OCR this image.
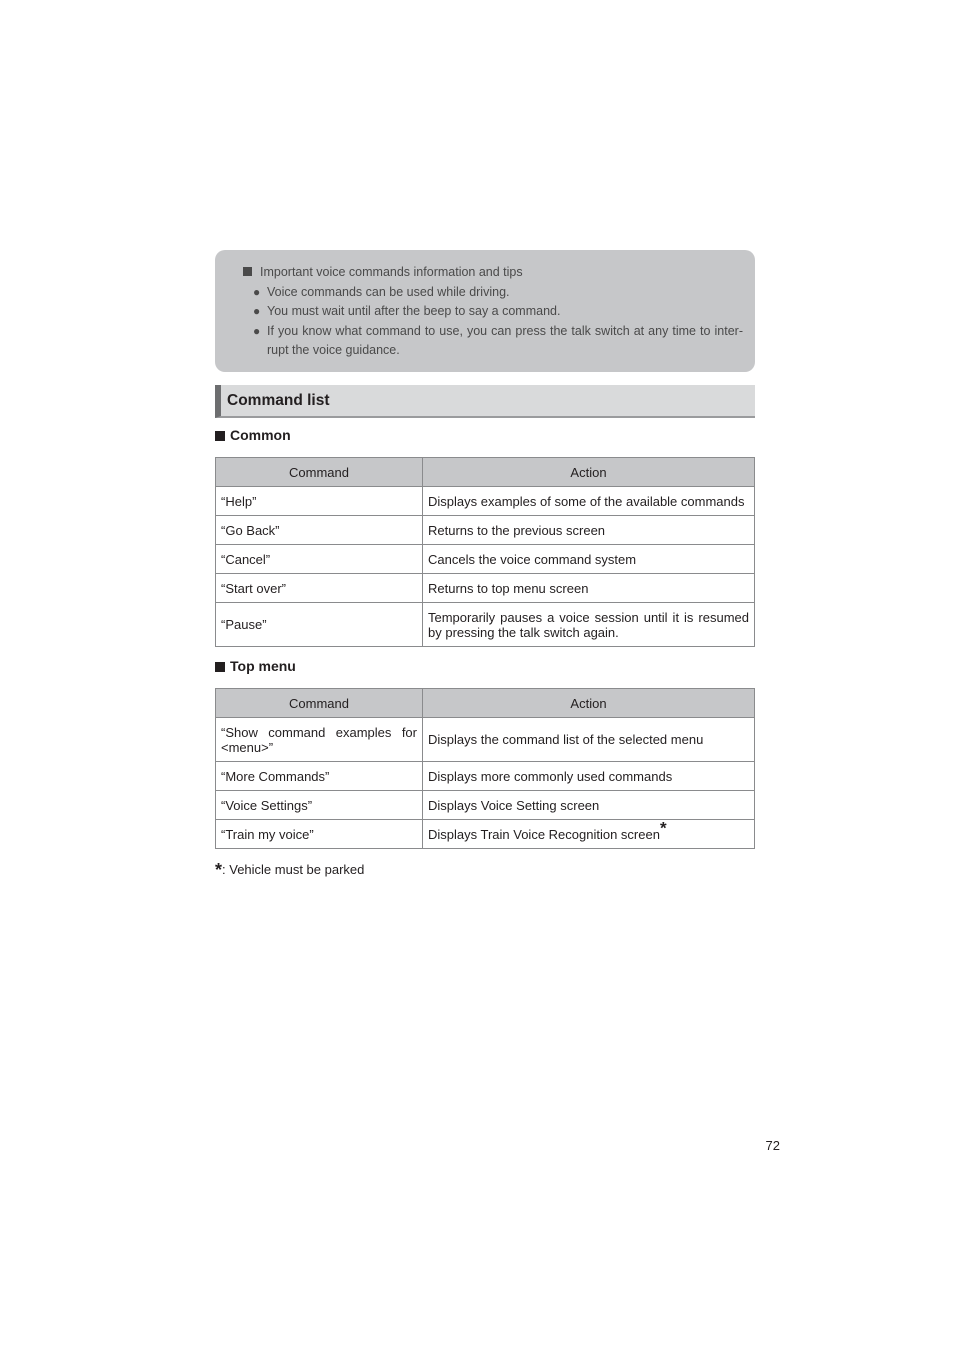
Important voice commands information and tips
● Voice commands can be used while driving.
● You must wait until after the beep to say a command.
● If you know what command to use, you can press the talk switch at any time to inter-rupt the voice guidance.
Command list
Common
Command	Action
“Help”	Displays examples of some of the available commands
“Go Back”	Returns to the previous screen
“Cancel”	Cancels the voice command system
“Start over”	Returns to top menu screen
“Pause”	Temporarily pauses a voice session until it is resumed by pressing the talk switch again.
Top menu
Command	Action
“Show command examples for <menu>”	Displays the command list of the selected menu
“More Commands”	Displays more commonly used commands
“Voice Settings”	Displays Voice Setting screen
“Train my voice”	Displays Train Voice Recognition screen*
*: Vehicle must be parked
72
